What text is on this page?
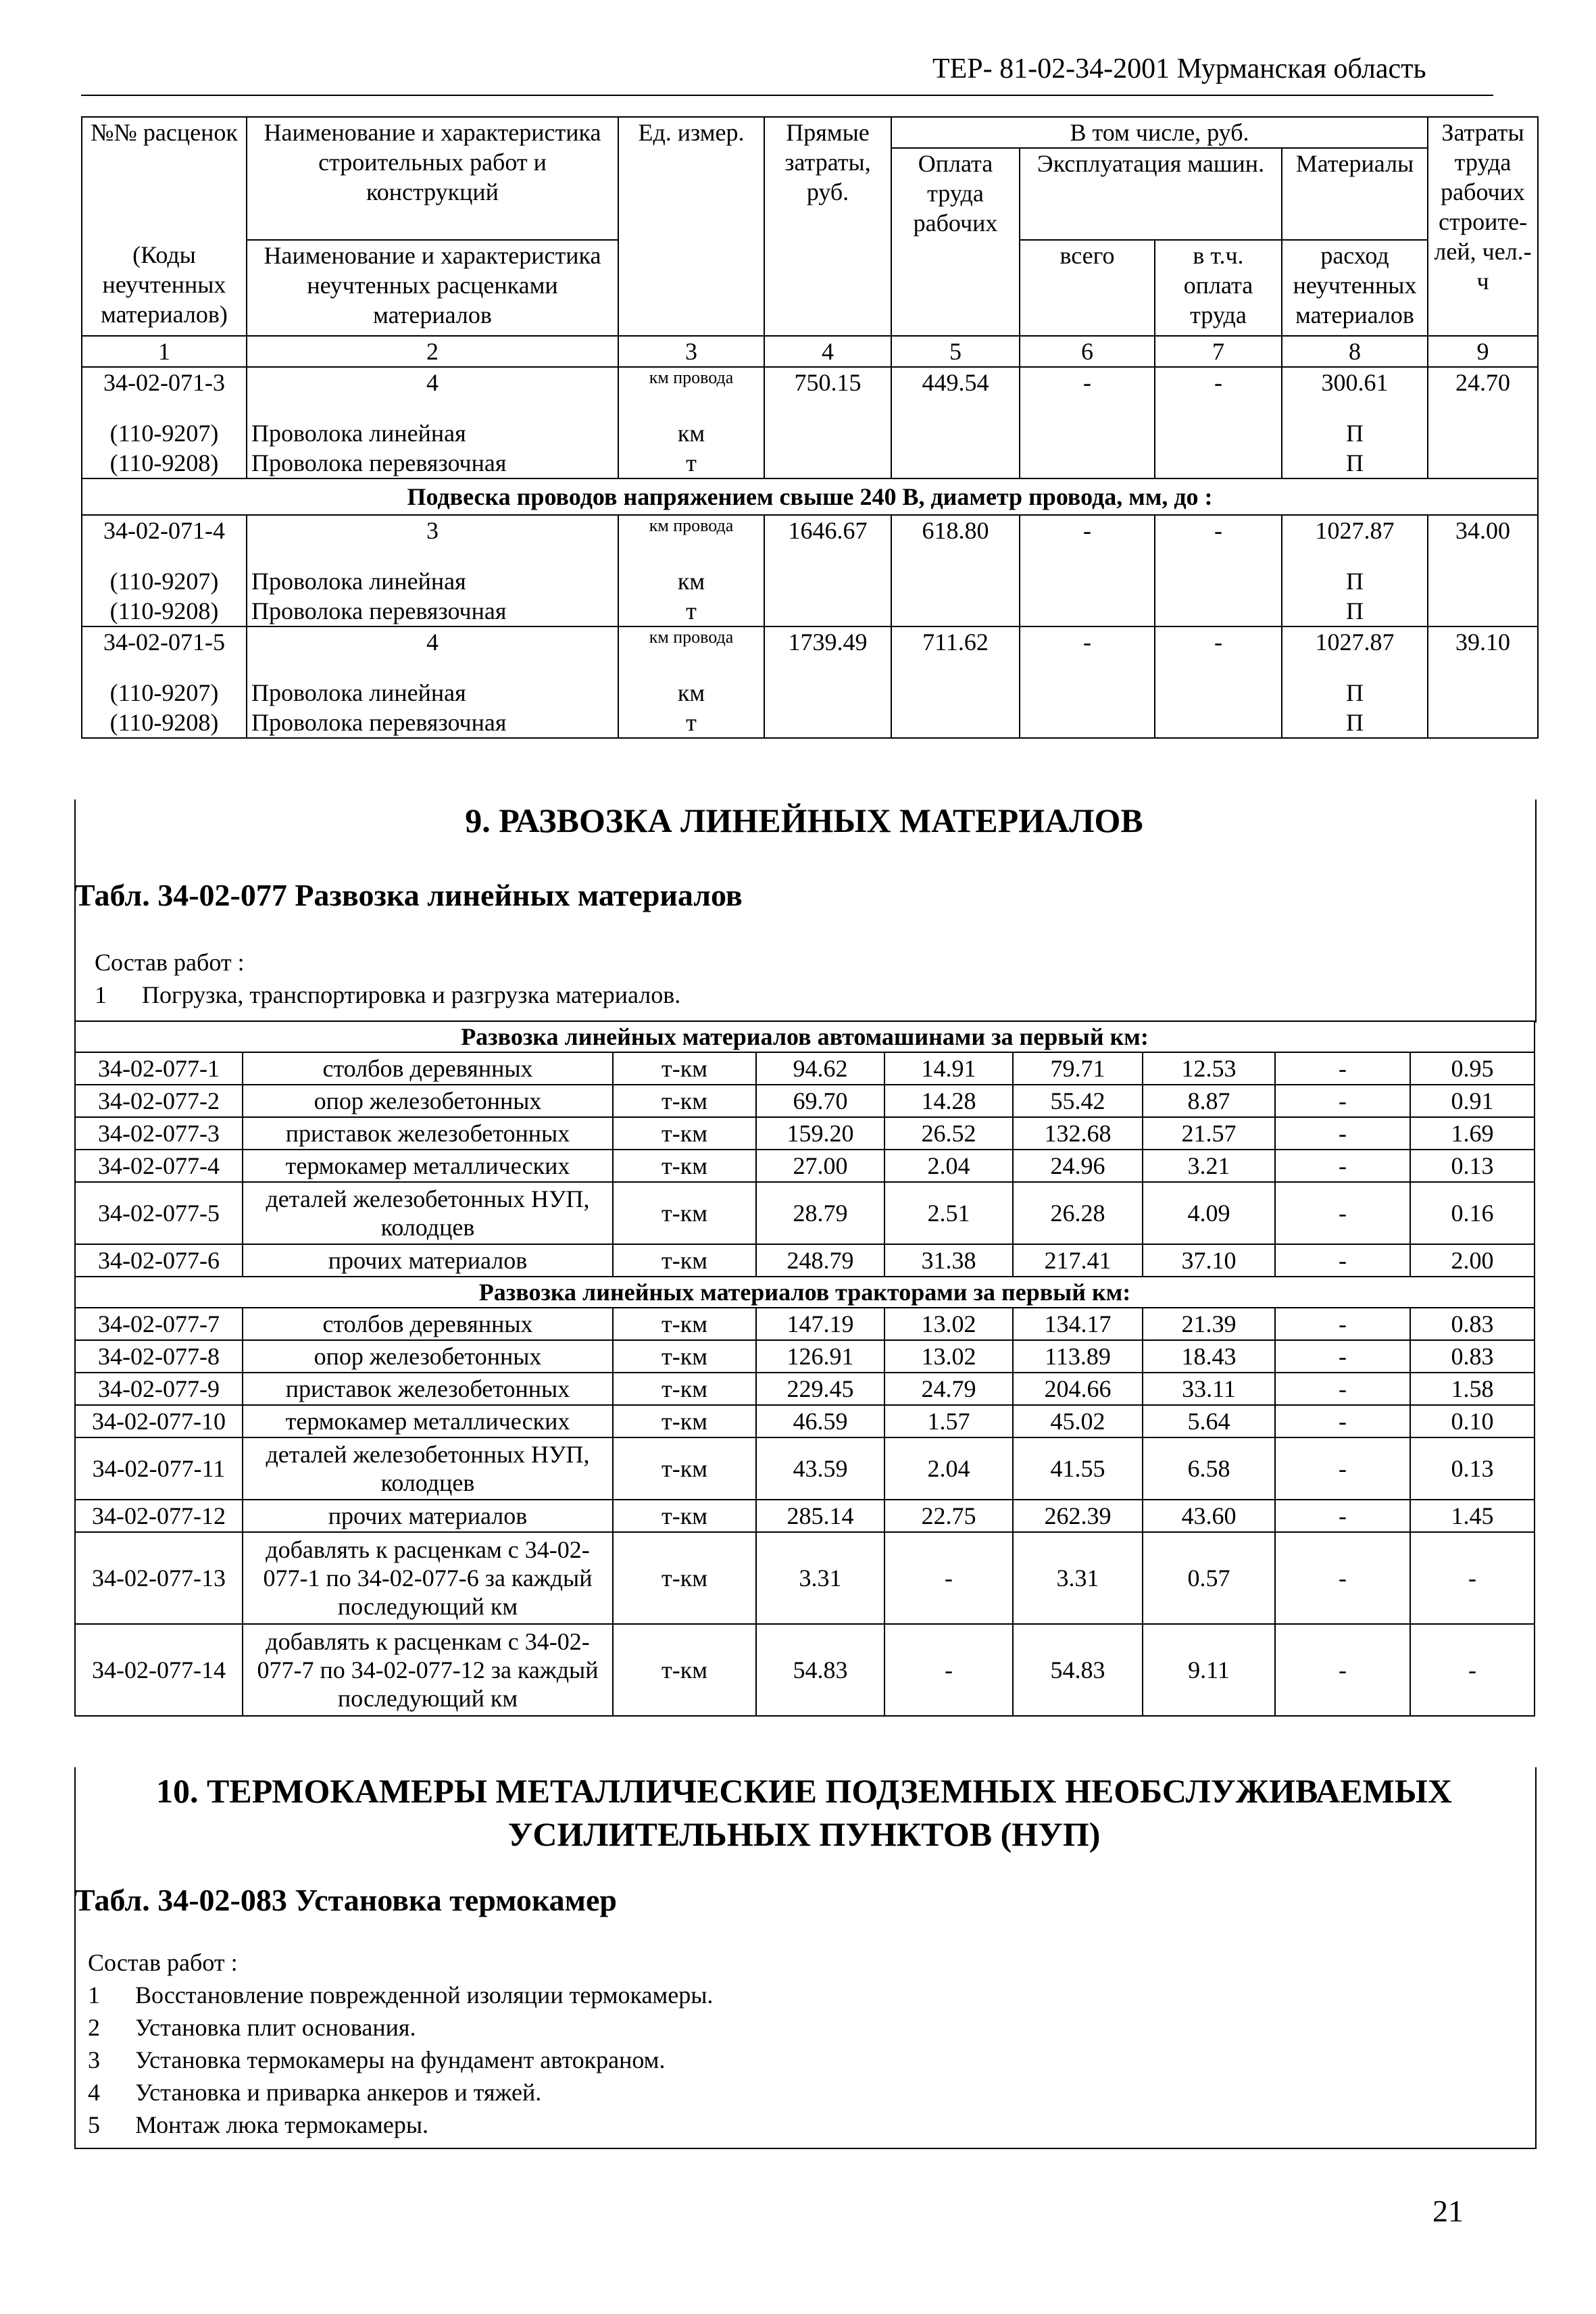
ТЕР- 81-02-34-2001 Мурманская область
№№ расценок	Наименование и характеристика строительных работ и конструкций	Ед. измер.	Прямые затраты, руб.	В том числе, руб.				Затраты труда рабочих строите- лей, чел.-ч
				Оплата труда рабочих	Эксплуатация машин.		Материалы	
(Коды неучтенных материалов)	Наименование и характеристика неучтенных расценками материалов				всего	в т.ч. оплата труда	расход неучтенных материалов	

1	2	3	4	5	6	7	8	9
34-02-071-3	4	км провода	750.15	449.54	-	-	300.61	24.70
(110-9207)	Проволока линейная	км					П	
(110-9208)	Проволока перевязочная	т					П	
Подвеска проводов напряжением свыше 240 В, диаметр провода, мм, до :								
34-02-071-4	3	км провода	1646.67	618.80	-	-	1027.87	34.00
(110-9207)	Проволока линейная	км					П	
(110-9208)	Проволока перевязочная	т					П	
34-02-071-5	4	км провода	1739.49	711.62	-	-	1027.87	39.10
(110-9207)	Проволока линейная	км					П	
(110-9208)	Проволока перевязочная	т					П	
9. РАЗВОЗКА ЛИНЕЙНЫХ МАТЕРИАЛОВ
Табл. 34-02-077 Развозка линейных материалов
Состав работ :
1 Погрузка, транспортировка и разгрузка материалов.
Развозка линейных материалов автомашинами за первый км:								
34-02-077-1	столбов деревянных	т-км	94.62	14.91	79.71	12.53	-	0.95
34-02-077-2	опор железобетонных	т-км	69.70	14.28	55.42	8.87	-	0.91
34-02-077-3	приставок железобетонных	т-км	159.20	26.52	132.68	21.57	-	1.69
34-02-077-4	термокамер металлических	т-км	27.00	2.04	24.96	3.21	-	0.13
34-02-077-5	деталей железобетонных НУП, колодцев	т-км	28.79	2.51	26.28	4.09	-	0.16
34-02-077-6	прочих материалов	т-км	248.79	31.38	217.41	37.10	-	2.00
Развозка линейных материалов тракторами за первый км:								
34-02-077-7	столбов деревянных	т-км	147.19	13.02	134.17	21.39	-	0.83
34-02-077-8	опор железобетонных	т-км	126.91	13.02	113.89	18.43	-	0.83
34-02-077-9	приставок железобетонных	т-км	229.45	24.79	204.66	33.11	-	1.58
34-02-077-10	термокамер металлических	т-км	46.59	1.57	45.02	5.64	-	0.10
34-02-077-11	деталей железобетонных НУП, колодцев	т-км	43.59	2.04	41.55	6.58	-	0.13
34-02-077-12	прочих материалов	т-км	285.14	22.75	262.39	43.60	-	1.45
34-02-077-13	добавлять к расценкам с 34-02-077-1 по 34-02-077-6 за каждый последующий км	т-км	3.31	-	3.31	0.57	-	-
34-02-077-14	добавлять к расценкам с 34-02-077-7 по 34-02-077-12 за каждый последующий км	т-км	54.83	-	54.83	9.11	-	-
10. ТЕРМОКАМЕРЫ МЕТАЛЛИЧЕСКИЕ ПОДЗЕМНЫХ НЕОБСЛУЖИВАЕМЫХ
УСИЛИТЕЛЬНЫХ ПУНКТОВ (НУП)
Табл. 34-02-083 Установка термокамер
Состав работ :
1 Восстановление поврежденной изоляции термокамеры.
2 Установка плит основания.
3 Установка термокамеры на фундамент автокраном.
4 Установка и приварка анкеров и тяжей.
5 Монтаж люка термокамеры.
21
